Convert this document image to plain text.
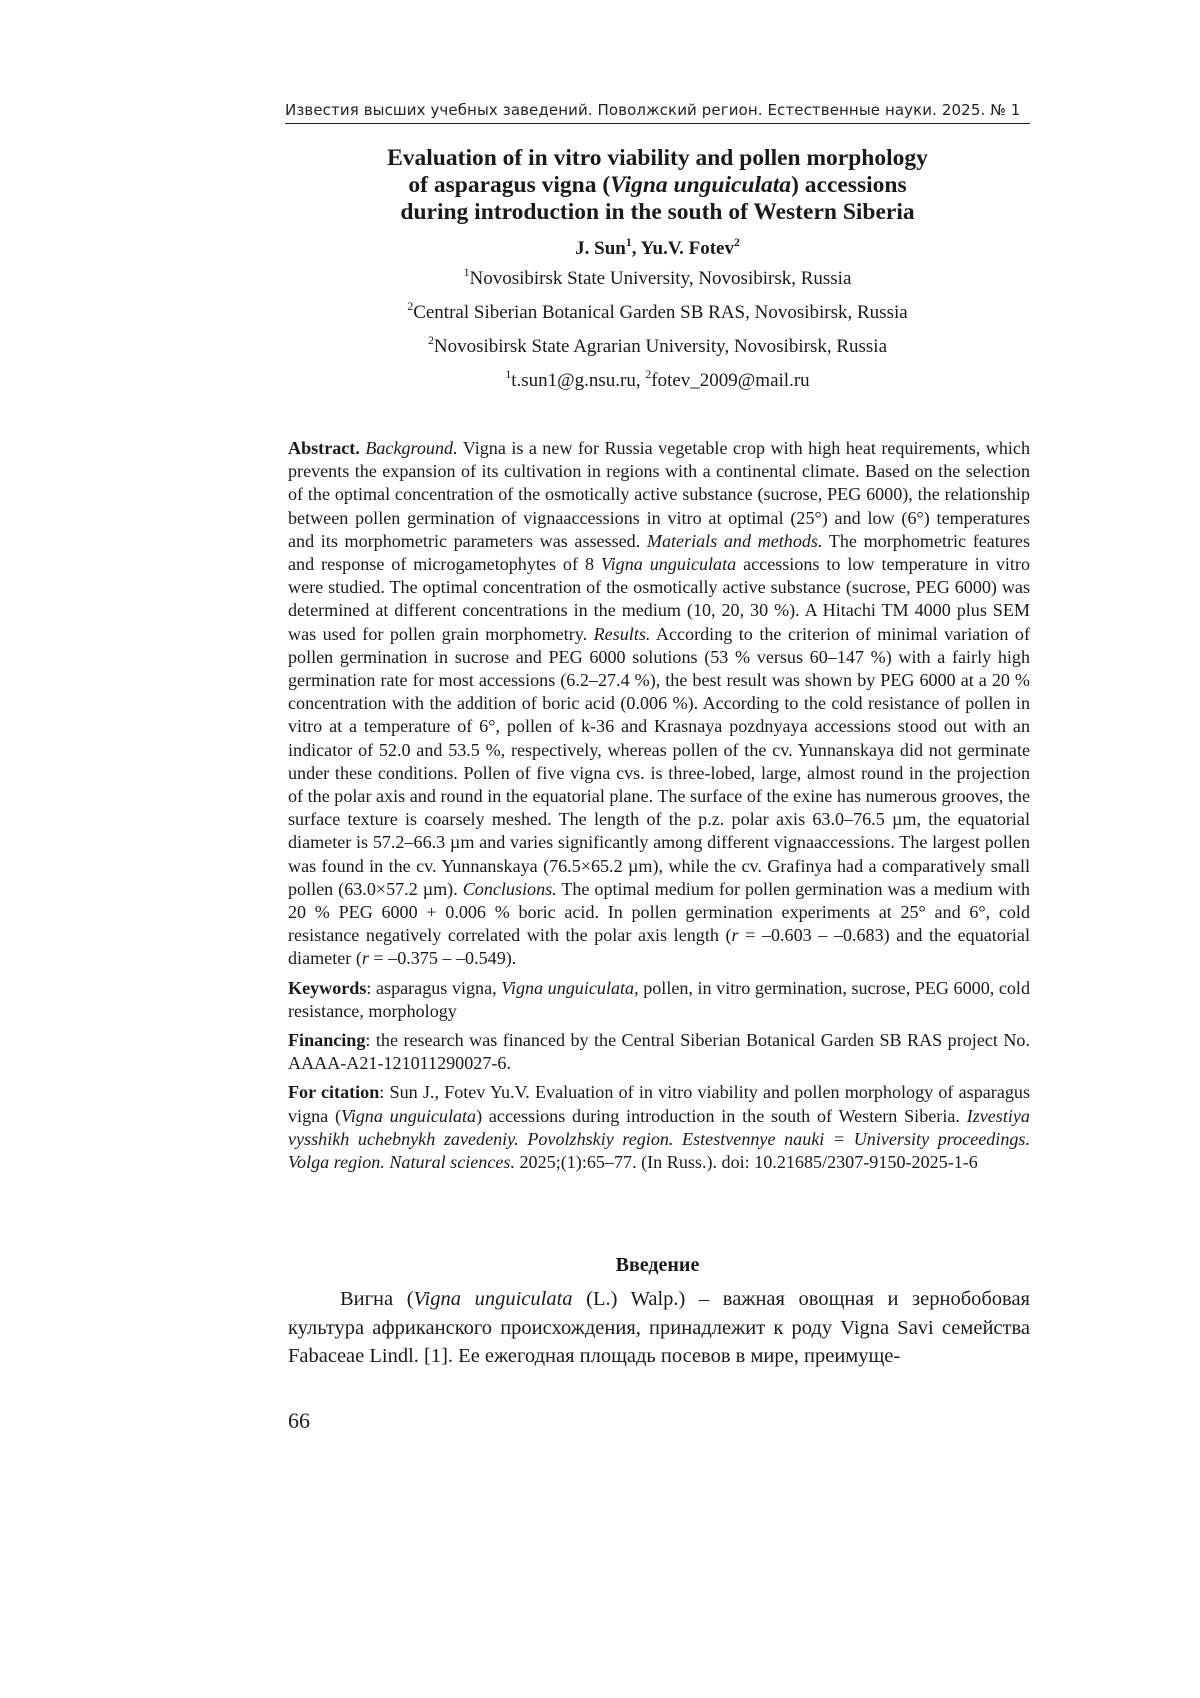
Известия высших учебных заведений. Поволжский регион. Естественные науки. 2025. № 1
Evaluation of in vitro viability and pollen morphology
of asparagus vigna (Vigna unguiculata) accessions
during introduction in the south of Western Siberia
J. Sun1, Yu.V. Fotev2
1Novosibirsk State University, Novosibirsk, Russia
2Central Siberian Botanical Garden SB RAS, Novosibirsk, Russia
2Novosibirsk State Agrarian University, Novosibirsk, Russia
1t.sun1@g.nsu.ru, 2fotev_2009@mail.ru

Abstract. Background. Vigna is a new for Russia vegetable crop with high heat requirements, which prevents the expansion of its cultivation in regions with a continental climate. Based on the selection of the optimal concentration of the osmotically active substance (sucrose, PEG 6000), the relationship between pollen germination of vignaaccessions in vitro at optimal (25°) and low (6°) temperatures and its morphometric parameters was assessed. Materials and methods. The morphometric features and response of microgametophytes of 8 Vigna unguiculata accessions to low temperature in vitro were studied. The optimal concentration of the osmotically active substance (sucrose, PEG 6000) was determined at different concentrations in the medium (10, 20, 30 %). A Hitachi TM 4000 plus SEM was used for pollen grain morphometry. Results. According to the criterion of minimal variation of pollen germination in sucrose and PEG 6000 solutions (53 % versus 60–147 %) with a fairly high germination rate for most accessions (6.2–27.4 %), the best result was shown by PEG 6000 at a 20 % concentration with the addition of boric acid (0.006 %). According to the cold resistance of pollen in vitro at a temperature of 6°, pollen of k-36 and Krasnaya pozdnyaya accessions stood out with an indicator of 52.0 and 53.5 %, respectively, whereas pollen of the cv. Yunnanskaya did not germinate under these conditions. Pollen of five vigna cvs. is three-lobed, large, almost round in the projection of the polar axis and round in the equatorial plane. The surface of the exine has numerous grooves, the surface texture is coarsely meshed. The length of the p.z. polar axis 63.0–76.5 µm, the equatorial diameter is 57.2–66.3 µm and varies significantly among different vignaaccessions. The largest pollen was found in the cv. Yunnanskaya (76.5×65.2 µm), while the cv. Grafinya had a comparatively small pollen (63.0×57.2 µm). Conclusions. The optimal medium for pollen germination was a medium with 20 % PEG 6000 + 0.006 % boric acid. In pollen germination experiments at 25° and 6°, cold resistance negatively correlated with the polar axis length (r = –0.603 – –0.683) and the equatorial diameter (r = –0.375 – –0.549).

Keywords: asparagus vigna, Vigna unguiculata, pollen, in vitro germination, sucrose, PEG 6000, cold resistance, morphology

Financing: the research was financed by the Central Siberian Botanical Garden SB RAS project No. AAAA-A21-121011290027-6.

For citation: Sun J., Fotev Yu.V. Evaluation of in vitro viability and pollen morphology of asparagus vigna (Vigna unguiculata) accessions during introduction in the south of Western Siberia. Izvestiya vysshikh uchebnykh zavedeniy. Povolzhskiy region. Estestvennye nauki = University proceedings. Volga region. Natural sciences. 2025;(1):65–77. (In Russ.). doi: 10.21685/2307-9150-2025-1-6

Введение
Вигна (Vigna unguiculata (L.) Walp.) – важная овощная и зернобобовая культура африканского происхождения, принадлежит к роду Vigna Savi семейства Fabaceae Lindl. [1]. Ее ежегодная площадь посевов в мире, преимуще-
66
